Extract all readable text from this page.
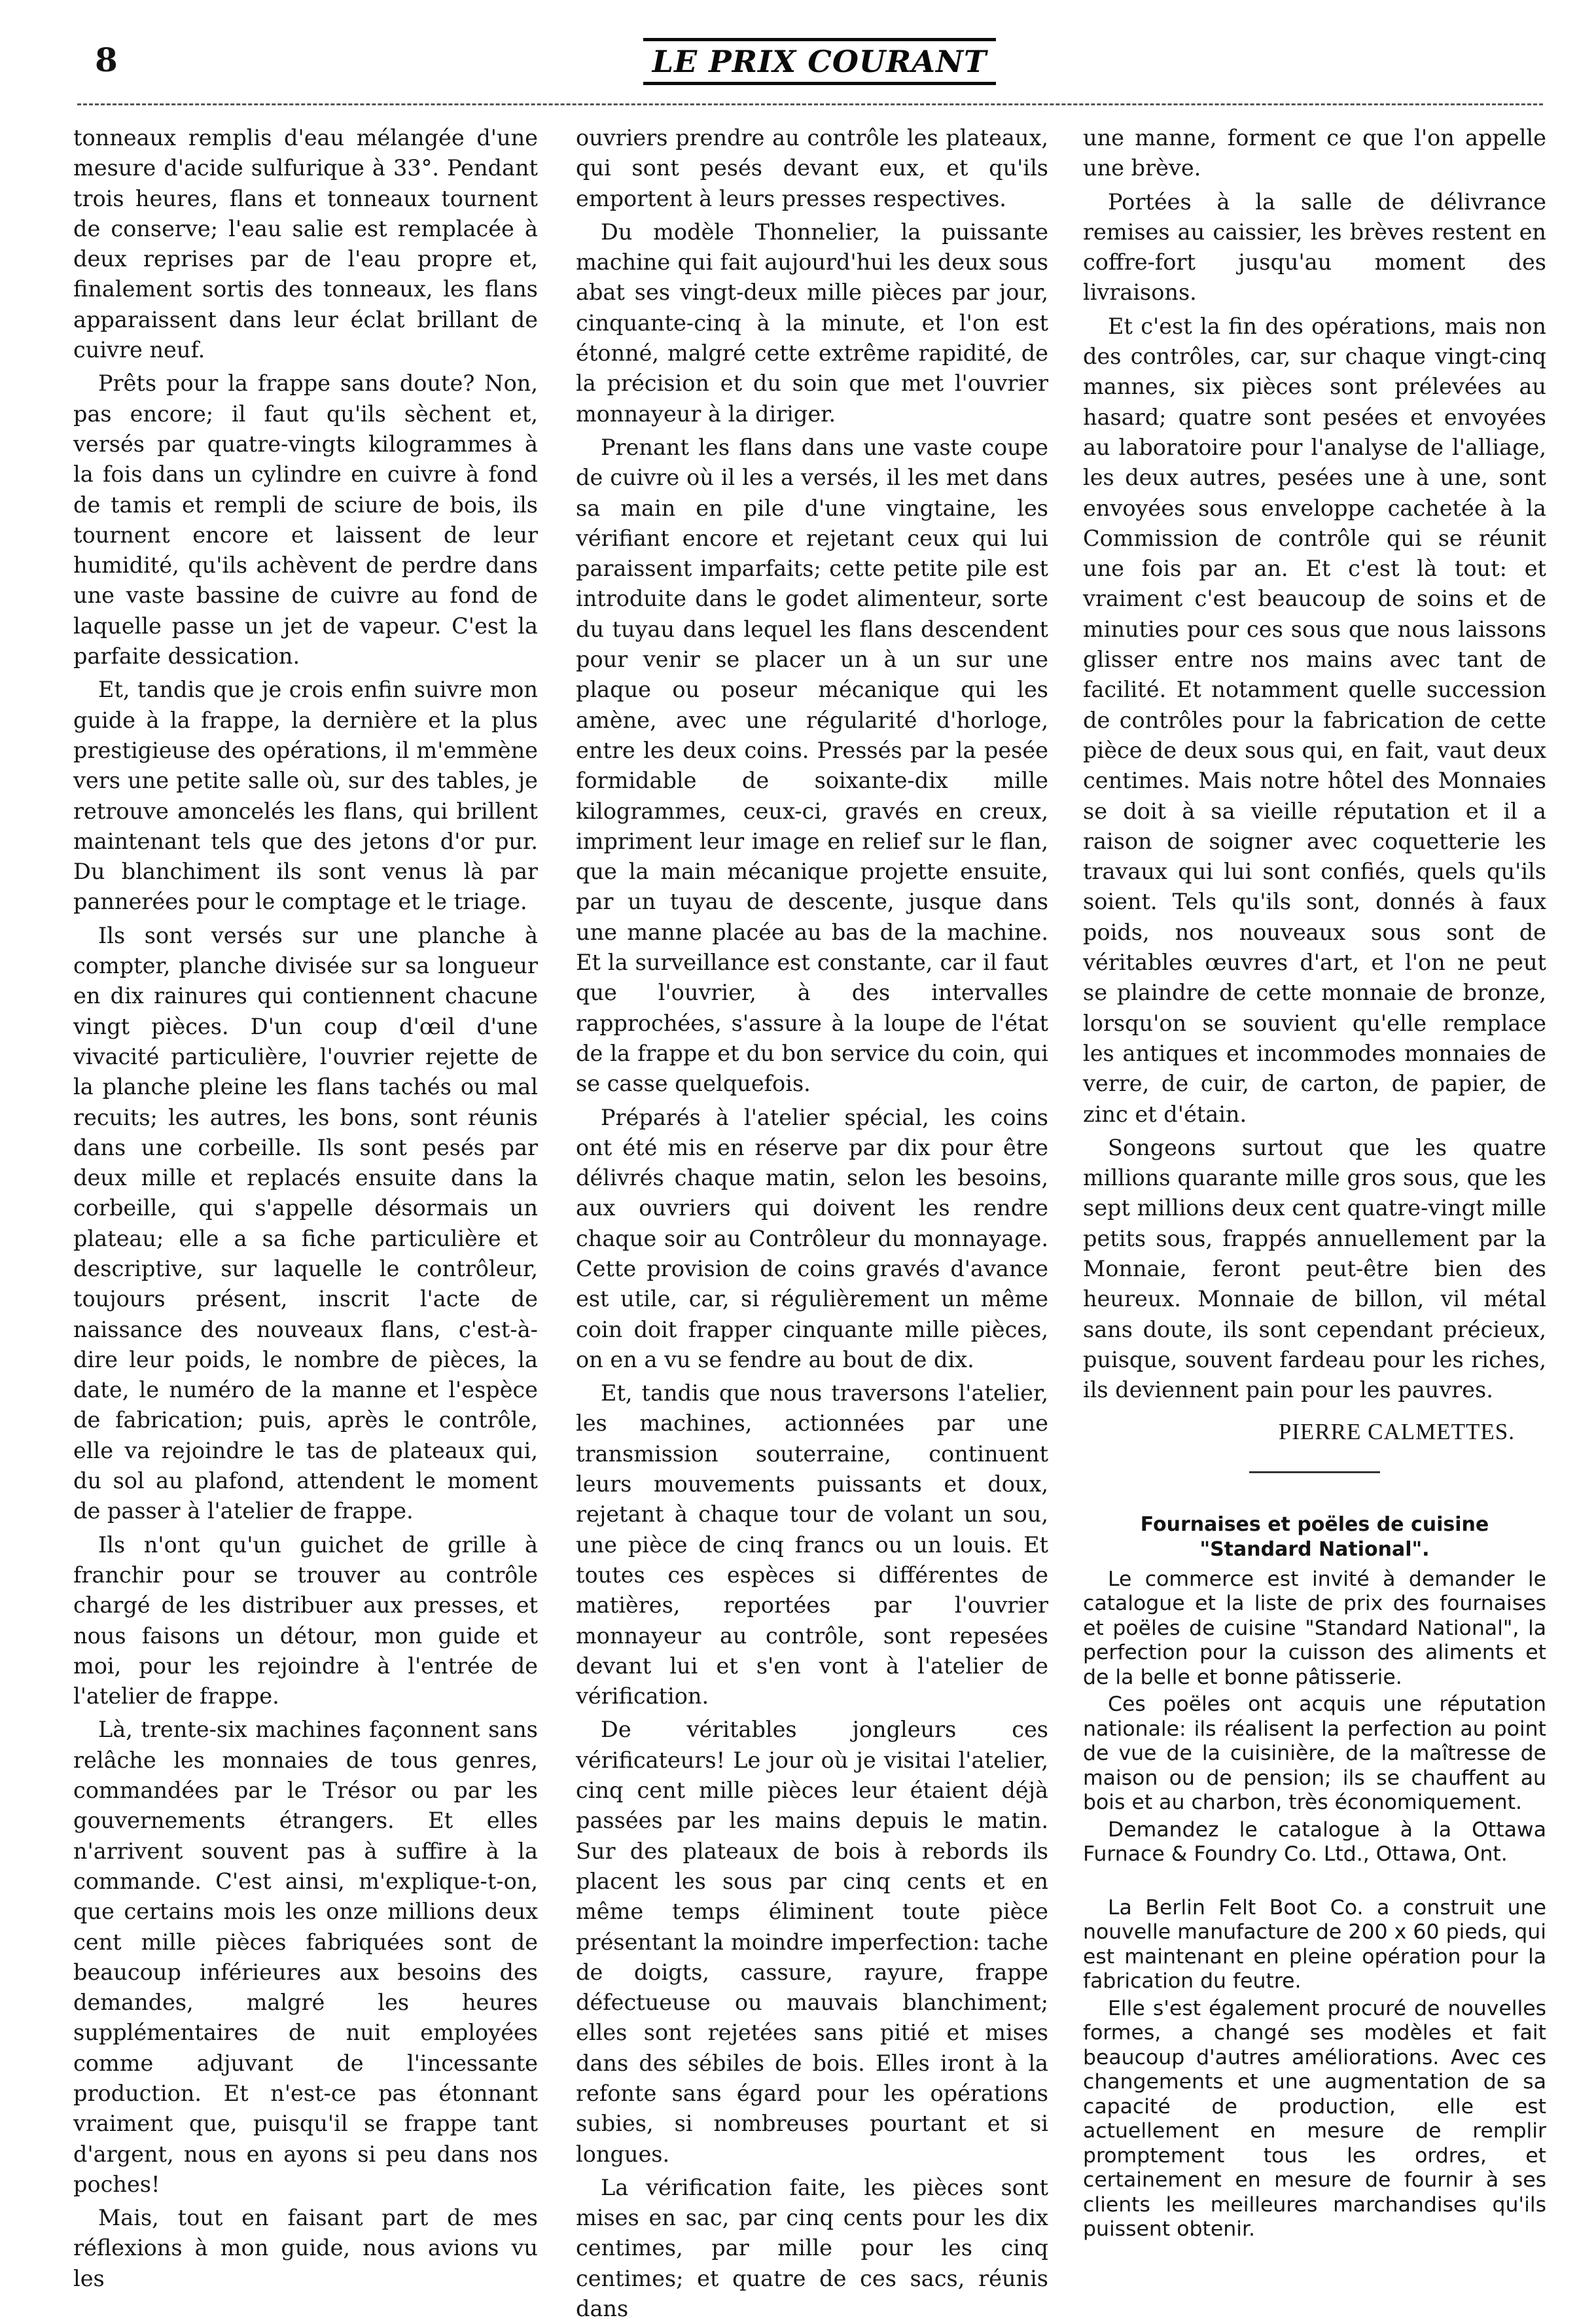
8	LE PRIX COURANT

tonneaux remplis d'eau mélangée d'une mesure d'acide sulfurique à 33°. Pendant trois heures, flans et tonneaux tournent de conserve; l'eau salie est remplacée à deux reprises par de l'eau propre et, finalement sortis des tonneaux, les flans apparaissent dans leur éclat brillant de cuivre neuf.

Prêts pour la frappe sans doute? Non, pas encore; il faut qu'ils sèchent et, versés par quatre-vingts kilogrammes à la fois dans un cylindre en cuivre à fond de tamis et rempli de sciure de bois, ils tournent encore et laissent de leur humidité, qu'ils achèvent de perdre dans une vaste bassine de cuivre au fond de laquelle passe un jet de vapeur. C'est la parfaite dessication.

Et, tandis que je crois enfin suivre mon guide à la frappe, la dernière et la plus prestigieuse des opérations, il m'emmène vers une petite salle où, sur des tables, je retrouve amoncelés les flans, qui brillent maintenant tels que des jetons d'or pur. Du blanchiment ils sont venus là par pannerées pour le comptage et le triage.

Ils sont versés sur une planche à compter, planche divisée sur sa longueur en dix rainures qui contiennent chacune vingt pièces. D'un coup d'œil d'une vivacité particulière, l'ouvrier rejette de la planche pleine les flans tachés ou mal recuits; les autres, les bons, sont réunis dans une corbeille. Ils sont pesés par deux mille et replacés ensuite dans la corbeille, qui s'appelle désormais un plateau; elle a sa fiche particulière et descriptive, sur laquelle le contrôleur, toujours présent, inscrit l'acte de naissance des nouveaux flans, c'est-à-dire leur poids, le nombre de pièces, la date, le numéro de la manne et l'espèce de fabrication; puis, après le contrôle, elle va rejoindre le tas de plateaux qui, du sol au plafond, attendent le moment de passer à l'atelier de frappe.

Ils n'ont qu'un guichet de grille à franchir pour se trouver au contrôle chargé de les distribuer aux presses, et nous faisons un détour, mon guide et moi, pour les rejoindre à l'entrée de l'atelier de frappe.

Là, trente-six machines façonnent sans relâche les monnaies de tous genres, commandées par le Trésor ou par les gouvernements étrangers. Et elles n'arrivent souvent pas à suffire à la commande. C'est ainsi, m'explique-t-on, que certains mois les onze millions deux cent mille pièces fabriquées sont de beaucoup inférieures aux besoins des demandes, malgré les heures supplémentaires de nuit employées comme adjuvant de l'incessante production. Et n'est-ce pas étonnant vraiment que, puisqu'il se frappe tant d'argent, nous en ayons si peu dans nos poches!

Mais, tout en faisant part de mes réflexions à mon guide, nous avions vu les

ouvriers prendre au contrôle les plateaux, qui sont pesés devant eux, et qu'ils emportent à leurs presses respectives.

Du modèle Thonnelier, la puissante machine qui fait aujourd'hui les deux sous abat ses vingt-deux mille pièces par jour, cinquante-cinq à la minute, et l'on est étonné, malgré cette extrême rapidité, de la précision et du soin que met l'ouvrier monnayeur à la diriger.

Prenant les flans dans une vaste coupe de cuivre où il les a versés, il les met dans sa main en pile d'une vingtaine, les vérifiant encore et rejetant ceux qui lui paraissent imparfaits; cette petite pile est introduite dans le godet alimenteur, sorte du tuyau dans lequel les flans descendent pour venir se placer un à un sur une plaque ou poseur mécanique qui les amène, avec une régularité d'horloge, entre les deux coins. Pressés par la pesée formidable de soixante-dix mille kilogrammes, ceux-ci, gravés en creux, impriment leur image en relief sur le flan, que la main mécanique projette ensuite, par un tuyau de descente, jusque dans une manne placée au bas de la machine. Et la surveillance est constante, car il faut que l'ouvrier, à des intervalles rapprochées, s'assure à la loupe de l'état de la frappe et du bon service du coin, qui se casse quelquefois.

Préparés à l'atelier spécial, les coins ont été mis en réserve par dix pour être délivrés chaque matin, selon les besoins, aux ouvriers qui doivent les rendre chaque soir au Contrôleur du monnayage. Cette provision de coins gravés d'avance est utile, car, si régulièrement un même coin doit frapper cinquante mille pièces, on en a vu se fendre au bout de dix.

Et, tandis que nous traversons l'atelier, les machines, actionnées par une transmission souterraine, continuent leurs mouvements puissants et doux, rejetant à chaque tour de volant un sou, une pièce de cinq francs ou un louis. Et toutes ces espèces si différentes de matières, reportées par l'ouvrier monnayeur au contrôle, sont repesées devant lui et s'en vont à l'atelier de vérification.

De véritables jongleurs ces vérificateurs! Le jour où je visitai l'atelier, cinq cent mille pièces leur étaient déjà passées par les mains depuis le matin. Sur des plateaux de bois à rebords ils placent les sous par cinq cents et en même temps éliminent toute pièce présentant la moindre imperfection: tache de doigts, cassure, rayure, frappe défectueuse ou mauvais blanchiment; elles sont rejetées sans pitié et mises dans des sébiles de bois. Elles iront à la refonte sans égard pour les opérations subies, si nombreuses pourtant et si longues.

La vérification faite, les pièces sont mises en sac, par cinq cents pour les dix centimes, par mille pour les cinq centimes; et quatre de ces sacs, réunis dans

une manne, forment ce que l'on appelle une brève.

Portées à la salle de délivrance remises au caissier, les brèves restent en coffre-fort jusqu'au moment des livraisons.

Et c'est la fin des opérations, mais non des contrôles, car, sur chaque vingt-cinq mannes, six pièces sont prélevées au hasard; quatre sont pesées et envoyées au laboratoire pour l'analyse de l'alliage, les deux autres, pesées une à une, sont envoyées sous enveloppe cachetée à la Commission de contrôle qui se réunit une fois par an. Et c'est là tout: et vraiment c'est beaucoup de soins et de minuties pour ces sous que nous laissons glisser entre nos mains avec tant de facilité. Et notamment quelle succession de contrôles pour la fabrication de cette pièce de deux sous qui, en fait, vaut deux centimes. Mais notre hôtel des Monnaies se doit à sa vieille réputation et il a raison de soigner avec coquetterie les travaux qui lui sont confiés, quels qu'ils soient. Tels qu'ils sont, donnés à faux poids, nos nouveaux sous sont de véritables œuvres d'art, et l'on ne peut se plaindre de cette monnaie de bronze, lorsqu'on se souvient qu'elle remplace les antiques et incommodes monnaies de verre, de cuir, de carton, de papier, de zinc et d'étain.

Songeons surtout que les quatre millions quarante mille gros sous, que les sept millions deux cent quatre-vingt mille petits sous, frappés annuellement par la Monnaie, feront peut-être bien des heureux. Monnaie de billon, vil métal sans doute, ils sont cependant précieux, puisque, souvent fardeau pour les riches, ils deviennent pain pour les pauvres.

PIERRE CALMETTES.
Fournaises et poëles de cuisine "Standard National".

Le commerce est invité à demander le catalogue et la liste de prix des fournaises et poëles de cuisine "Standard National", la perfection pour la cuisson des aliments et de la belle et bonne pâtisserie.

Ces poëles ont acquis une réputation nationale: ils réalisent la perfection au point de vue de la cuisinière, de la maîtresse de maison ou de pension; ils se chauffent au bois et au charbon, très économiquement.

Demandez le catalogue à la Ottawa Furnace & Foundry Co. Ltd., Ottawa, Ont.

La Berlin Felt Boot Co. a construit une nouvelle manufacture de 200 x 60 pieds, qui est maintenant en pleine opération pour la fabrication du feutre.

Elle s'est également procuré de nouvelles formes, a changé ses modèles et fait beaucoup d'autres améliorations. Avec ces changements et une augmentation de sa capacité de production, elle est actuellement en mesure de remplir promptement tous les ordres, et certainement en mesure de fournir à ses clients les meilleures marchandises qu'ils puissent obtenir.
